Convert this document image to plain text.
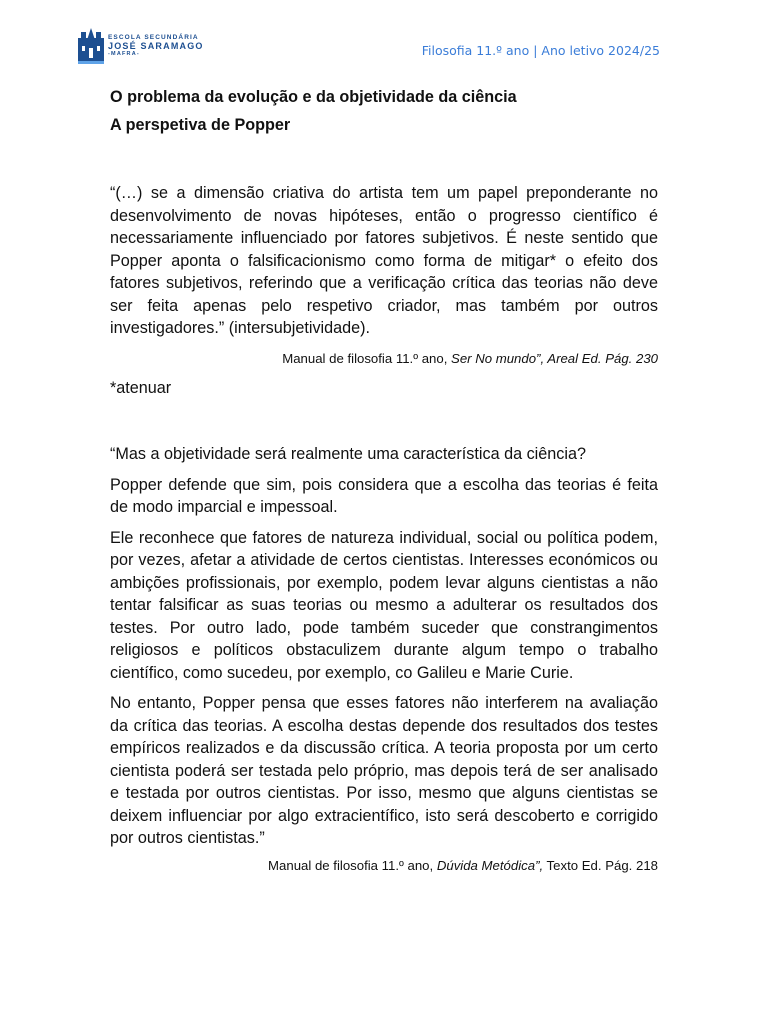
ESCOLA SECUNDÁRIA
JOSÉ SARAMAGO
-MAFRA-	Filosofia 11.º ano | Ano letivo 2024/25
O problema da evolução e da objetividade da ciência
A perspetiva de Popper

“(…) se a dimensão criativa do artista tem um papel preponderante no desenvolvimento de novas hipóteses, então o progresso científico é necessariamente influenciado por fatores subjetivos. É neste sentido que Popper aponta o falsificacionismo como forma de mitigar* o efeito dos fatores subjetivos, referindo que a verificação crítica das teorias não deve ser feita apenas pelo respetivo criador, mas também por outros investigadores.” (intersubjetividade).

Manual de filosofia 11.º ano, Ser No mundo”, Areal Ed. Pág. 230

*atenuar

“Mas a objetividade será realmente uma característica da ciência?

Popper defende que sim, pois considera que a escolha das teorias é feita de modo imparcial e impessoal.

Ele reconhece que fatores de natureza individual, social ou política podem, por vezes, afetar a atividade de certos cientistas. Interesses económicos ou ambições profissionais, por exemplo, podem levar alguns cientistas a não tentar falsificar as suas teorias ou mesmo a adulterar os resultados dos testes. Por outro lado, pode também suceder que constrangimentos religiosos e políticos obstaculizem durante algum tempo o trabalho científico, como sucedeu, por exemplo, co Galileu e Marie Curie.

No entanto, Popper pensa que esses fatores não interferem na avaliação da crítica das teorias. A escolha destas depende dos resultados dos testes empíricos realizados e da discussão crítica. A teoria proposta por um certo cientista poderá ser testada pelo próprio, mas depois terá de ser analisado e testada por outros cientistas. Por isso, mesmo que alguns cientistas se deixem influenciar por algo extracientífico, isto será descoberto e corrigido por outros cientistas.”

Manual de filosofia 11.º ano, Dúvida Metódica”, Texto Ed. Pág. 218
